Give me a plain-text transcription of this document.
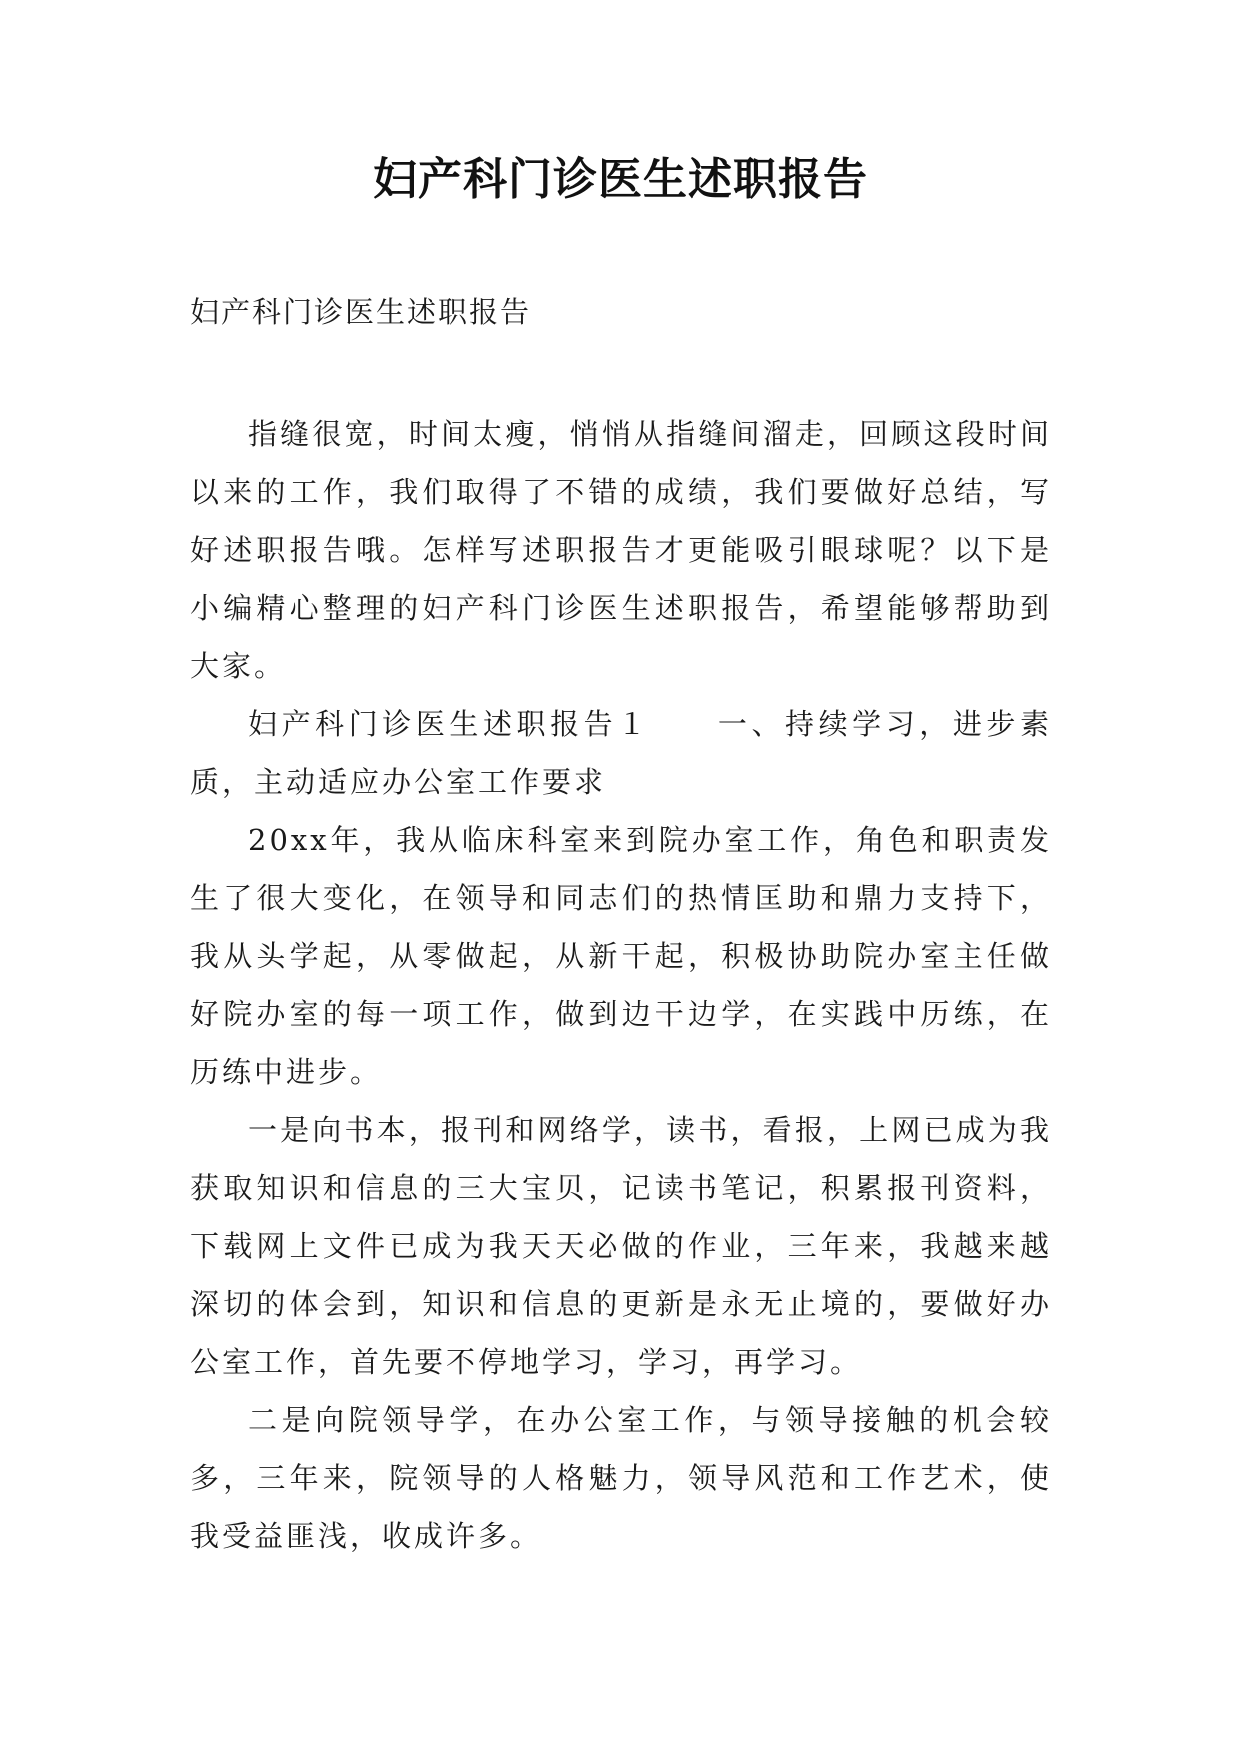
妇产科门诊医生述职报告
妇产科门诊医生述职报告

指缝很宽，时间太瘦，悄悄从指缝间溜走，回顾这段时间以来的工作，我们取得了不错的成绩，我们要做好总结，写好述职报告哦。怎样写述职报告才更能吸引眼球呢？以下是小编精心整理的妇产科门诊医生述职报告，希望能够帮助到大家。

妇产科门诊医生述职报告１　　一、持续学习，进步素质，主动适应办公室工作要求

20xx年，我从临床科室来到院办室工作，角色和职责发生了很大变化，在领导和同志们的热情匡助和鼎力支持下，我从头学起，从零做起，从新干起，积极协助院办室主任做好院办室的每一项工作，做到边干边学，在实践中历练，在历练中进步。

一是向书本，报刊和网络学，读书，看报，上网已成为我获取知识和信息的三大宝贝，记读书笔记，积累报刊资料，下载网上文件已成为我天天必做的作业，三年来，我越来越深切的体会到，知识和信息的更新是永无止境的，要做好办公室工作，首先要不停地学习，学习，再学习。

二是向院领导学，在办公室工作，与领导接触的机会较多，三年来，院领导的人格魅力，领导风范和工作艺术，使我受益匪浅，收成许多。
